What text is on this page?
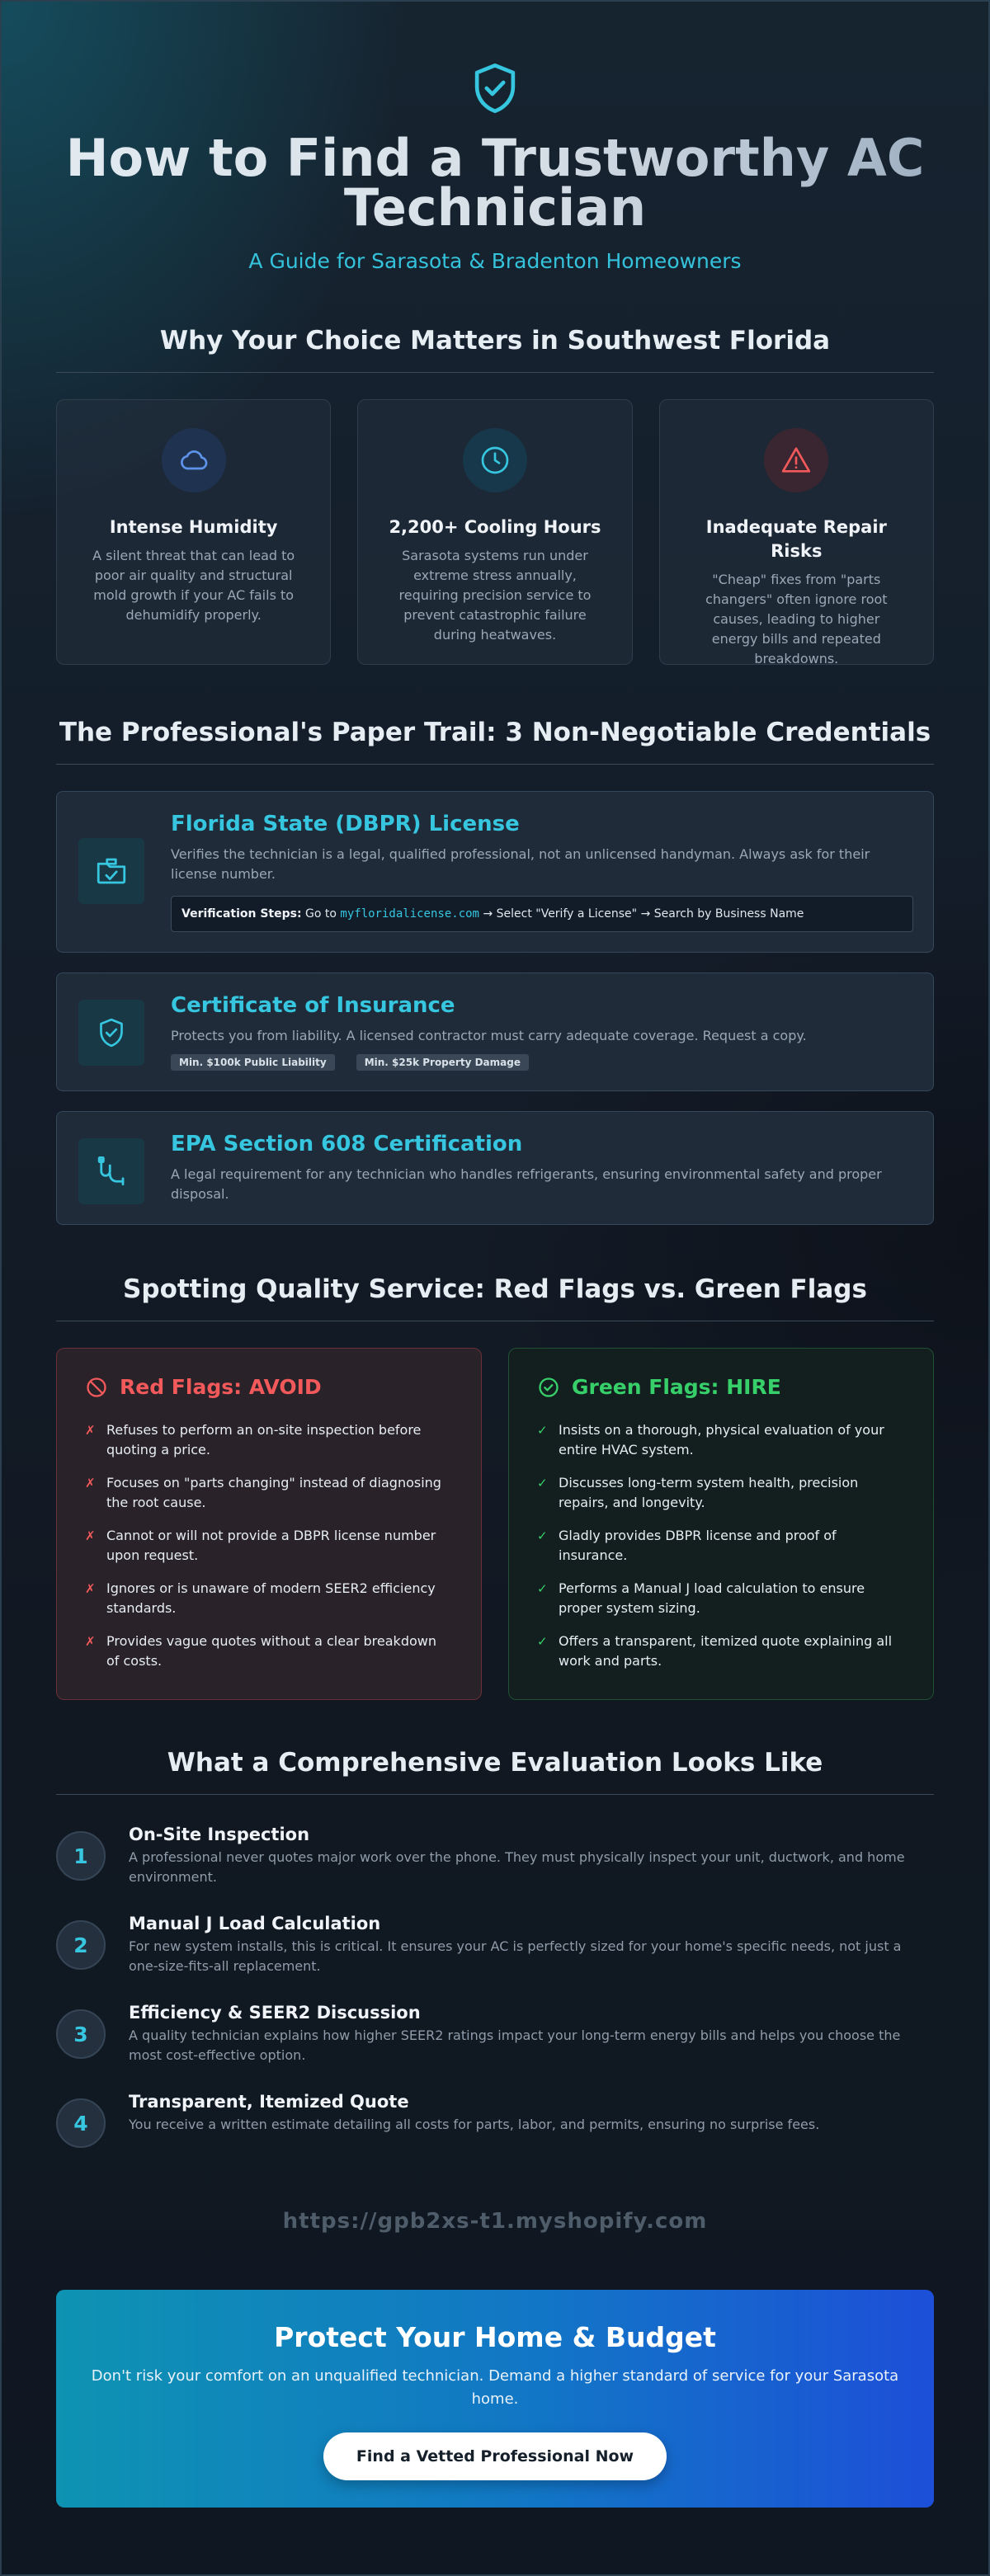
How to Find a Trustworthy AC Technician
A Guide for Sarasota & Bradenton Homeowners
Why Your Choice Matters in Southwest Florida
Intense Humidity

A silent threat that can lead to poor air quality and structural mold growth if your AC fails to dehumidify properly.

2,200+ Cooling Hours

Sarasota systems run under extreme stress annually, requiring precision service to prevent catastrophic failure during heatwaves.

Inadequate Repair Risks

"Cheap" fixes from "parts changers" often ignore root causes, leading to higher energy bills and repeated breakdowns.

The Professional's Paper Trail: 3 Non-Negotiable Credentials
Florida State (DBPR) License

Verifies the technician is a legal, qualified professional, not an unlicensed handyman. Always ask for their license number.

Verification Steps: Go to myfloridalicense.com → Select "Verify a License" → Search by Business Name
Certificate of Insurance

Protects you from liability. A licensed contractor must carry adequate coverage. Request a copy.

Min. $100k Public Liability	Min. $25k Property Damage
EPA Section 608 Certification

A legal requirement for any technician who handles refrigerants, ensuring environmental safety and proper disposal.

Spotting Quality Service: Red Flags vs. Green Flags
Red Flags: AVOID
✗ Refuses to perform an on-site inspection before quoting a price.
✗ Focuses on "parts changing" instead of diagnosing the root cause.
✗ Cannot or will not provide a DBPR license number upon request.
✗ Ignores or is unaware of modern SEER2 efficiency standards.
✗ Provides vague quotes without a clear breakdown of costs.
Green Flags: HIRE
✓ Insists on a thorough, physical evaluation of your entire HVAC system.
✓ Discusses long-term system health, precision repairs, and longevity.
✓ Gladly provides DBPR license and proof of insurance.
✓ Performs a Manual J load calculation to ensure proper system sizing.
✓ Offers a transparent, itemized quote explaining all work and parts.
What a Comprehensive Evaluation Looks Like
1
On-Site Inspection

A professional never quotes major work over the phone. They must physically inspect your unit, ductwork, and home environment.

2
Manual J Load Calculation

For new system installs, this is critical. It ensures your AC is perfectly sized for your home's specific needs, not just a one-size-fits-all replacement.

3
Efficiency & SEER2 Discussion

A quality technician explains how higher SEER2 ratings impact your long-term energy bills and helps you choose the most cost-effective option.

4
Transparent, Itemized Quote

You receive a written estimate detailing all costs for parts, labor, and permits, ensuring no surprise fees.

https://gpb2xs-t1.myshopify.com
Protect Your Home & Budget

Don't risk your comfort on an unqualified technician. Demand a higher standard of service for your Sarasota home.

Find a Vetted Professional Now
